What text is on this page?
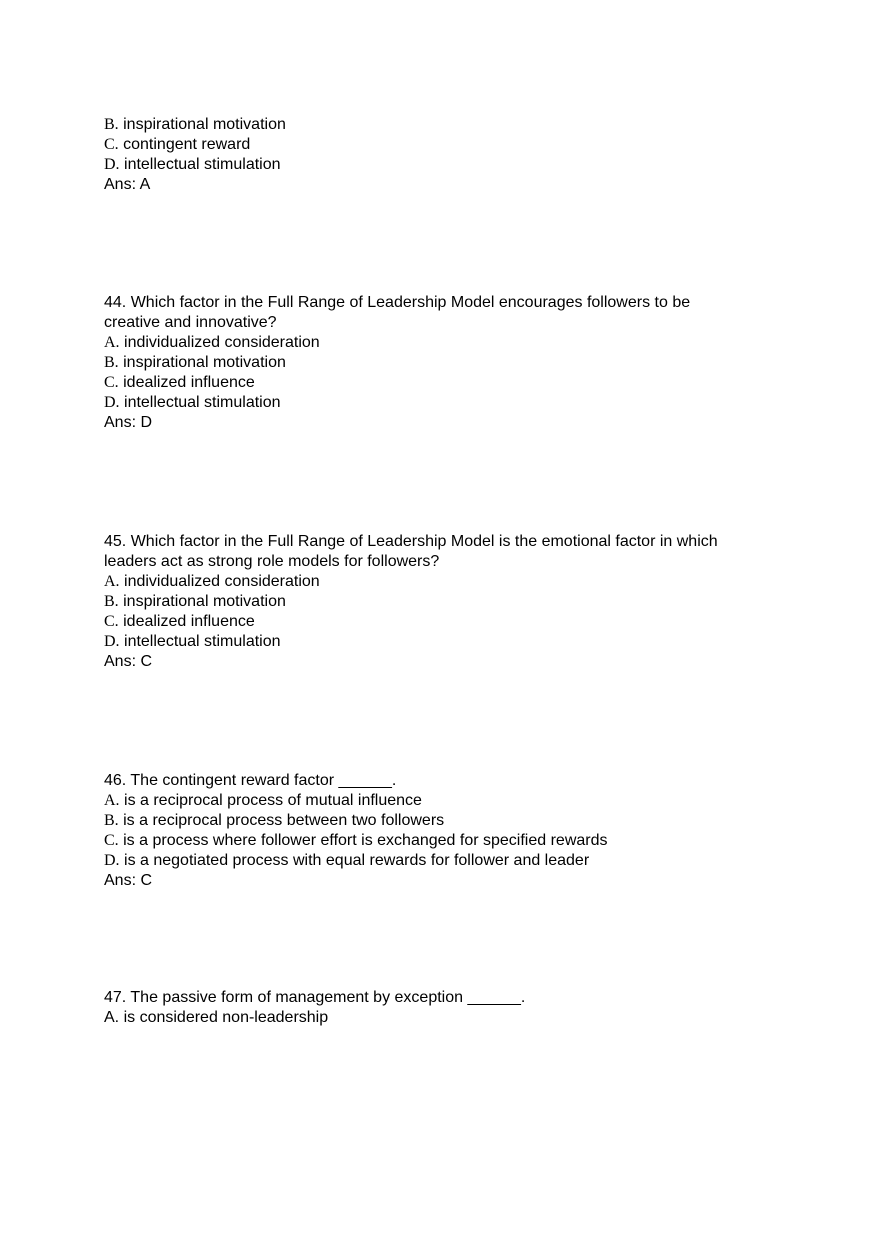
B. inspirational motivation
C. contingent reward
D. intellectual stimulation
Ans: A
44. Which factor in the Full Range of Leadership Model encourages followers to be
creative and innovative?
A. individualized consideration
B. inspirational motivation
C. idealized influence
D. intellectual stimulation
Ans: D
45. Which factor in the Full Range of Leadership Model is the emotional factor in which
leaders act as strong role models for followers?
A. individualized consideration
B. inspirational motivation
C. idealized influence
D. intellectual stimulation
Ans: C
46. The contingent reward factor ______.
A. is a reciprocal process of mutual influence
B. is a reciprocal process between two followers
C. is a process where follower effort is exchanged for specified rewards
D. is a negotiated process with equal rewards for follower and leader
Ans: C
47. The passive form of management by exception ______.
A. is considered non-leadership
